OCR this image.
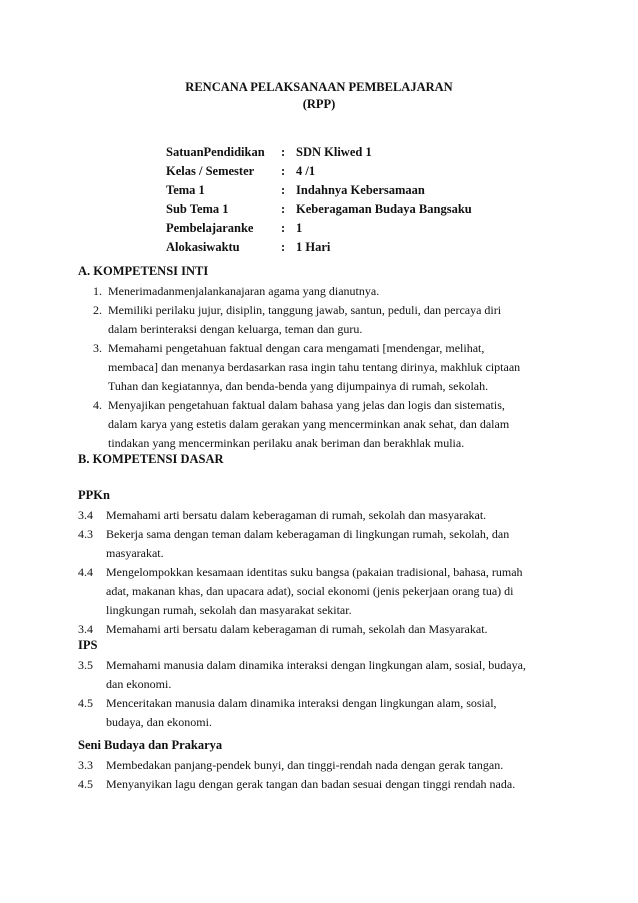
RENCANA PELAKSANAAN PEMBELAJARAN
(RPP)
SatuanPendidikan : SDN Kliwed 1
Kelas / Semester : 4 /1
Tema 1	: Indahnya Kebersamaan
Sub Tema 1	: Keberagaman Budaya Bangsaku
Pembelajaranke : 1
Alokasiwaktu	: 1 Hari
A. KOMPETENSI INTI
1. Menerimadanmenjalankanajaran agama yang dianutnya.
2. Memiliki perilaku jujur, disiplin, tanggung jawab, santun, peduli, dan percaya diri
dalam berinteraksi dengan keluarga, teman dan guru.
3. Memahami pengetahuan faktual dengan cara mengamati [mendengar, melihat,
membaca] dan menanya berdasarkan rasa ingin tahu tentang dirinya, makhluk ciptaan
Tuhan dan kegiatannya, dan benda-benda yang dijumpainya di rumah, sekolah.
4. Menyajikan pengetahuan faktual dalam bahasa yang jelas dan logis dan sistematis,
dalam karya yang estetis dalam gerakan yang mencerminkan anak sehat, dan dalam
tindakan yang mencerminkan perilaku anak beriman dan berakhlak mulia.
B. KOMPETENSI DASAR
PPKn
3.4	Memahami arti bersatu dalam keberagaman di rumah, sekolah dan masyarakat.
4.3	Bekerja sama dengan teman dalam keberagaman di lingkungan rumah, sekolah, dan
masyarakat.
4.4	Mengelompokkan kesamaan identitas suku bangsa (pakaian tradisional, bahasa, rumah
adat, makanan khas, dan upacara adat), social ekonomi (jenis pekerjaan orang tua) di
lingkungan rumah, sekolah dan masyarakat sekitar.
3.4	Memahami arti bersatu dalam keberagaman di rumah, sekolah dan Masyarakat.
IPS
3.5	Memahami manusia dalam dinamika interaksi dengan lingkungan alam, sosial, budaya,
dan ekonomi.
4.5	Menceritakan manusia dalam dinamika interaksi dengan lingkungan alam, sosial,
budaya, dan ekonomi.
Seni Budaya dan Prakarya
3.3	Membedakan panjang-pendek bunyi, dan tinggi-rendah nada dengan gerak tangan.
4.5	Menyanyikan lagu dengan gerak tangan dan badan sesuai dengan tinggi rendah nada.
